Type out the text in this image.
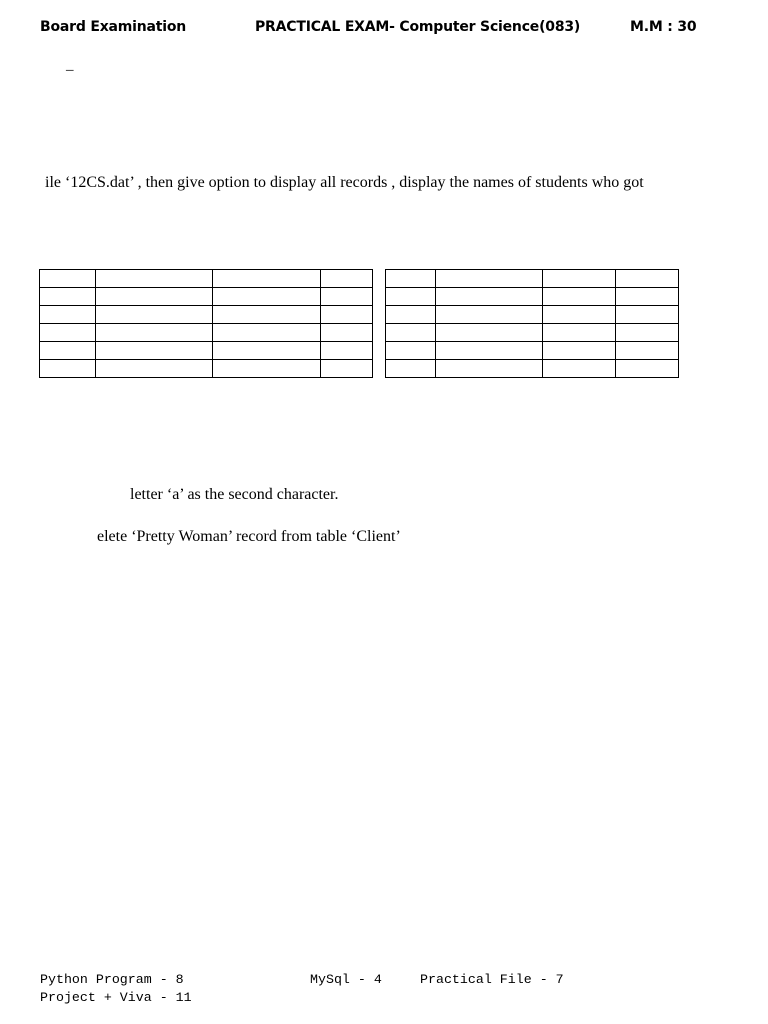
Board Examination	PRACTICAL EXAM- Computer Science(083)	M.M : 30
–
ile ‘12CS.dat’ , then give option to display all records , display the names of students who got

letter ‘a’ as the second character.
elete ‘Pretty Woman’ record from table ‘Client’
Python Program - 8	MySql - 4	Practical File - 7
Project + Viva - 11
